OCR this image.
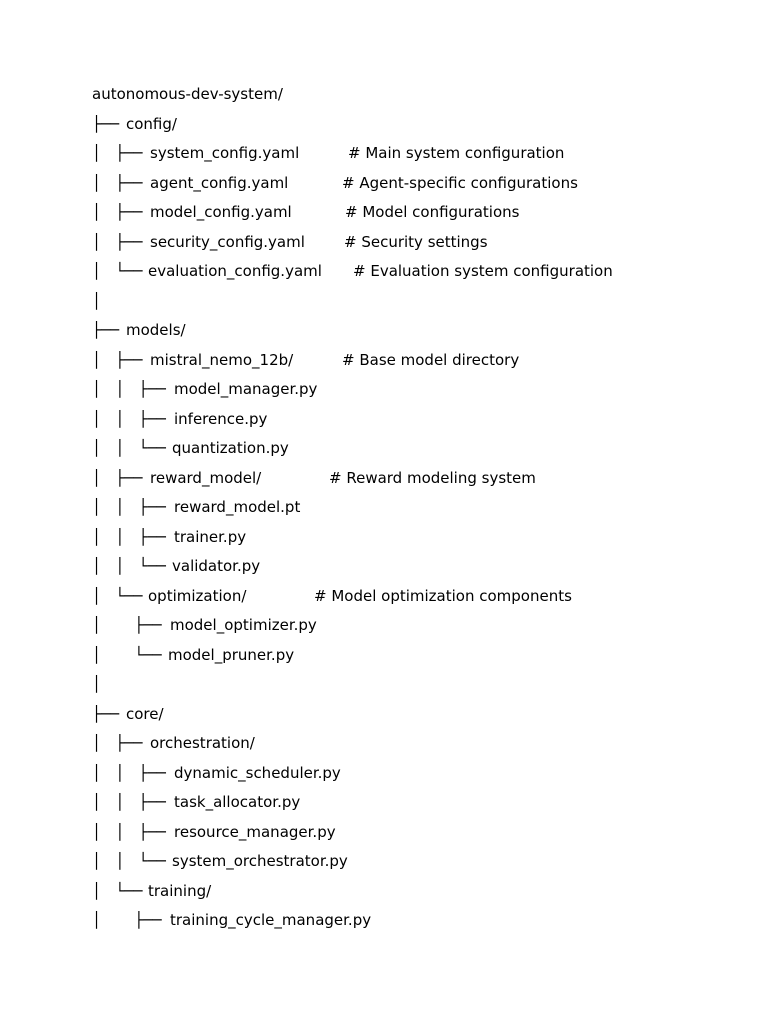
autonomous-dev-system/

├──

config/

│   ├──

system_config.yaml

	# Main system configuration

│   ├──

agent_config.yaml

	# Agent-specific configurations

│   ├──

model_config.yaml

	# Model configurations

│   ├──

security_config.yaml

	# Security settings

│   └──

evaluation_config.yaml

# Evaluation system configuration

│

├──

models/

│   ├──

mistral_nemo_12b/

	# Base model directory

│   │   ├──

model_manager.py

│   │   ├──

inference.py

│   │   └──

quantization.py

│   ├──

reward_model/

	# Reward modeling system

│   │   ├──

reward_model.pt

│   │   ├──

trainer.py

│   │   └──

validator.py

│   └──

optimization/

	# Model optimization components

│       ├──

model_optimizer.py

│       └──

model_pruner.py

│

├──

core/

│   ├──

orchestration/

│   │   ├──

dynamic_scheduler.py

│   │   ├──

task_allocator.py

│   │   ├──

resource_manager.py

│   │   └──

system_orchestrator.py

│   └──

training/

│       ├──

training_cycle_manager.py
